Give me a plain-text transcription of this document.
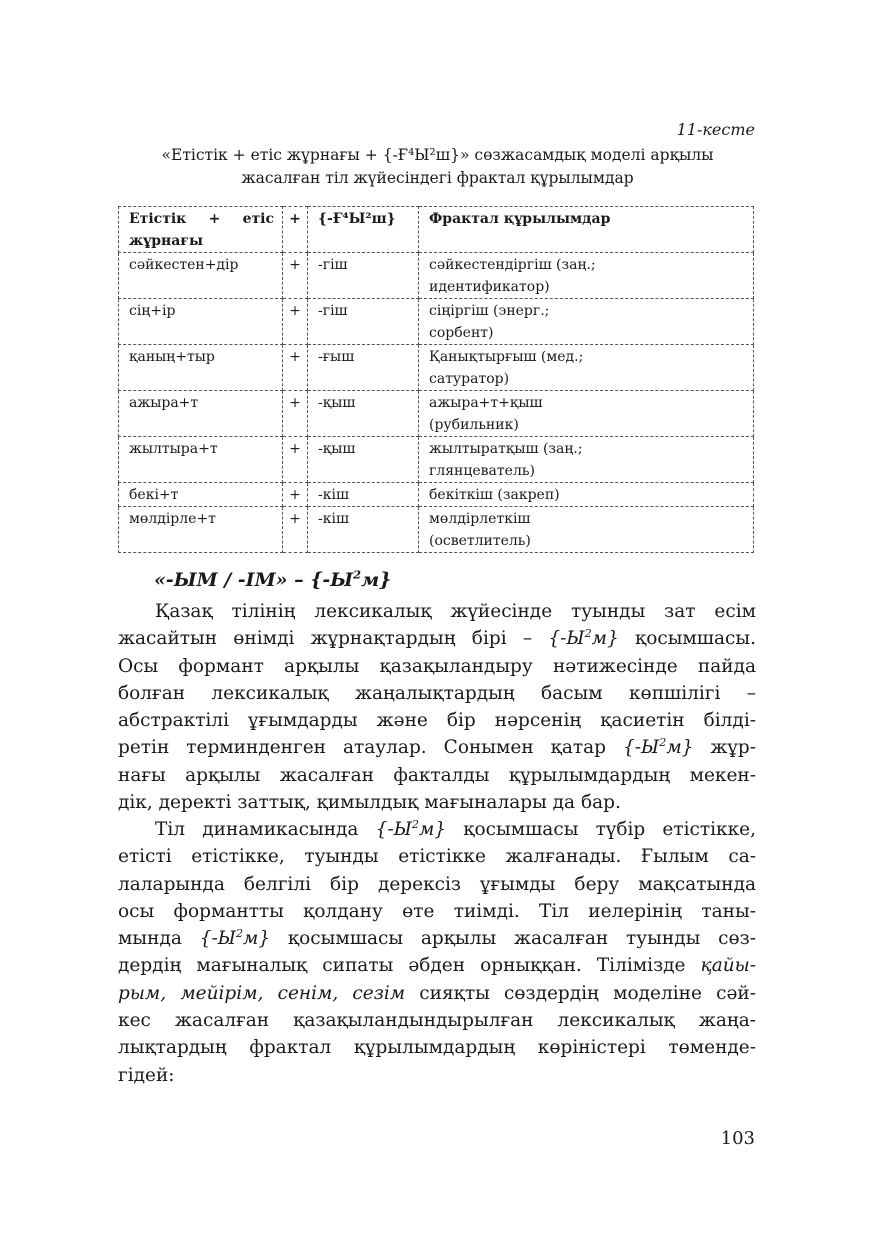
11-кесте
«Етістік + етіс жұрнағы + {-Ғ⁴Ы²ш}» сөзжасамдық моделі арқылы
жасалған тіл жүйесіндегі фрактал құрылымдар
Етістік + етіс
жұрнағы	+	{-Ғ⁴Ы²ш}	Фрактал құрылымдар
сәйкестен+дір	+	-гіш	сәйкестендіргіш (заң.;
идентификатор)

сің+ір	+	-гіш	сіңіргіш (энерг.;
сорбент)

қаның+тыр	+	-ғыш	Қанықтырғыш (мед.;
сатуратор)

ажыра+т	+	-қыш	ажыра+т+қыш
(рубильник)

жылтыра+т	+	-қыш	жылтыратқыш (заң.;
глянцеватель)

бекі+т	+	-кіш	бекіткіш (закреп)

мөлдірле+т	+	-кіш	мөлдірлеткіш
(осветлитель)
«-ЫМ / -ІМ» – $\{-Ы^2м\}$
Қазақ тілінің лексикалық жүйесінде туынды зат есім
жасайтын өнімді жұрнақтардың бірі – $\{-Ы^2м\}$ қосымшасы.
Осы формант арқылы қазақыландыру нәтижесінде пайда
болған лексикалық жаңалықтардың басым көпшілігі –
абстрактілі ұғымдарды және бір нәрсенің қасиетін білді-
ретін терминденген атаулар. Сонымен қатар $\{-Ы^2м\}$ жұр-
нағы арқылы жасалған факталды құрылымдардың мекен-
дік, деректі заттық, қимылдық мағыналары да бар.
Тіл динамикасында $\{-Ы^2м\}$ қосымшасы түбір етістікке,
етісті етістікке, туынды етістікке жалғанады. Ғылым са-
лаларында белгілі бір дерексіз ұғымды беру мақсатында
осы формантты қолдану өте тиімді. Тіл иелерінің таны-
мында $\{-Ы^2м\}$ қосымшасы арқылы жасалған туынды сөз-
дердің мағыналық сипаты әбден орныққан. Тілімізде қайы-
рым, мейірім, сенім, сезім сияқты сөздердің моделіне сәй-
кес жасалған қазақыландындырылған лексикалық жаңа-
лықтардың фрактал құрылымдардың көріністері төменде-
гідей:
103
